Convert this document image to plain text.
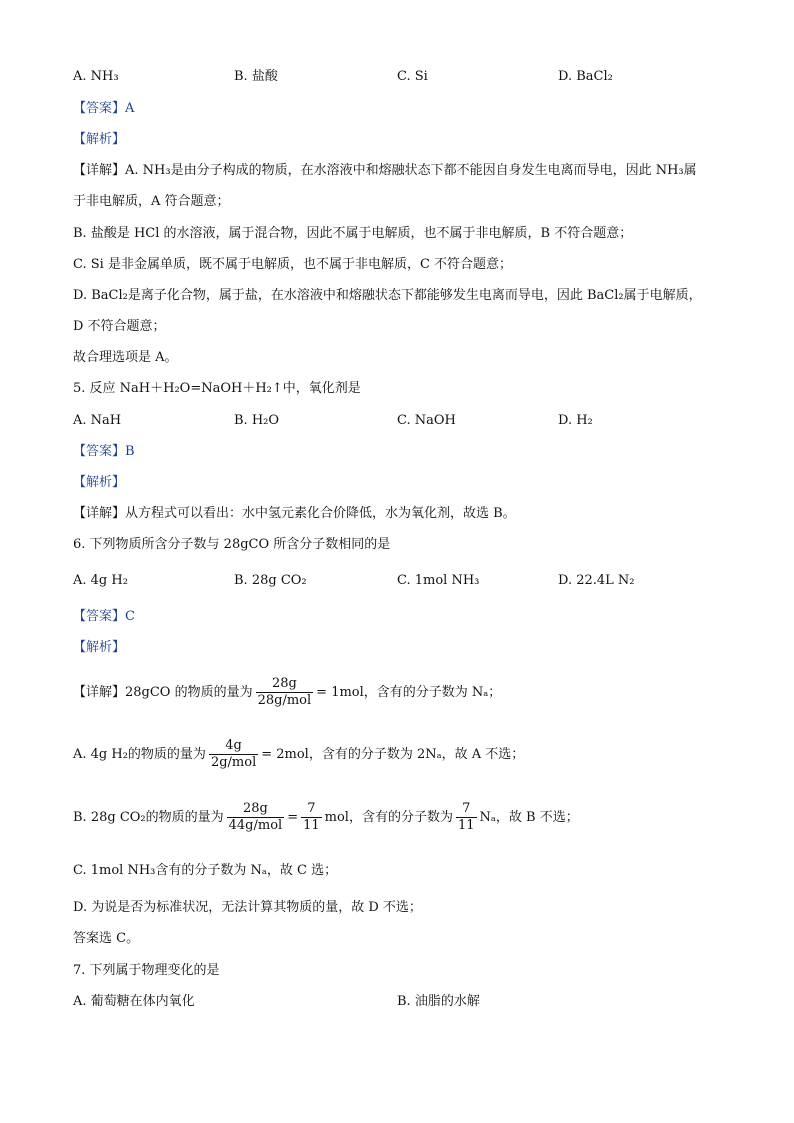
A. NH₃	B. 盐酸	C. Si	D. BaCl₂
【答案】A
【解析】
【详解】A. NH₃是由分子构成的物质，在水溶液中和熔融状态下都不能因自身发生电离而导电，因此 NH₃属
于非电解质，A 符合题意；
B. 盐酸是 HCl 的水溶液，属于混合物，因此不属于电解质，也不属于非电解质，B 不符合题意；
C. Si 是非金属单质，既不属于电解质，也不属于非电解质，C 不符合题意；
D. BaCl₂是离子化合物，属于盐，在水溶液中和熔融状态下都能够发生电离而导电，因此 BaCl₂属于电解质，
D 不符合题意；
故合理选项是 A。
5. 反应 NaH＋H₂O=NaOH＋H₂↑中，氧化剂是
A. NaH	B. H₂O	C. NaOH	D. H₂
【答案】B
【解析】
【详解】从方程式可以看出：水中氢元素化合价降低，水为氧化剂，故选 B。
6. 下列物质所含分子数与 28gCO 所含分子数相同的是
A. 4g H₂	B. 28g CO₂	C. 1mol NH₃	D. 22.4L N₂
【答案】C
【解析】
【详解】28gCO 的物质的量为 $\frac{28g}{\text{28g/mol}} = 1mol$，含有的分子数为 Nₐ；
A. 4g H₂的物质的量为 $\frac{4g}{\text{2g/mol}} = 2mol$，含有的分子数为 2Nₐ，故 A 不选；
B. 28g CO₂的物质的量为 $\frac{28g}{\text{44g/mol}} = \frac{7}{11}$ mol，含有的分子数为 $\frac{7}{11}$ Nₐ，故 B 不选；
C. 1mol NH₃含有的分子数为 Nₐ，故 C 选；
D. 为说是否为标准状况，无法计算其物质的量，故 D 不选；
答案选 C。
7. 下列属于物理变化的是
A. 葡萄糖在体内氧化	B. 油脂的水解
